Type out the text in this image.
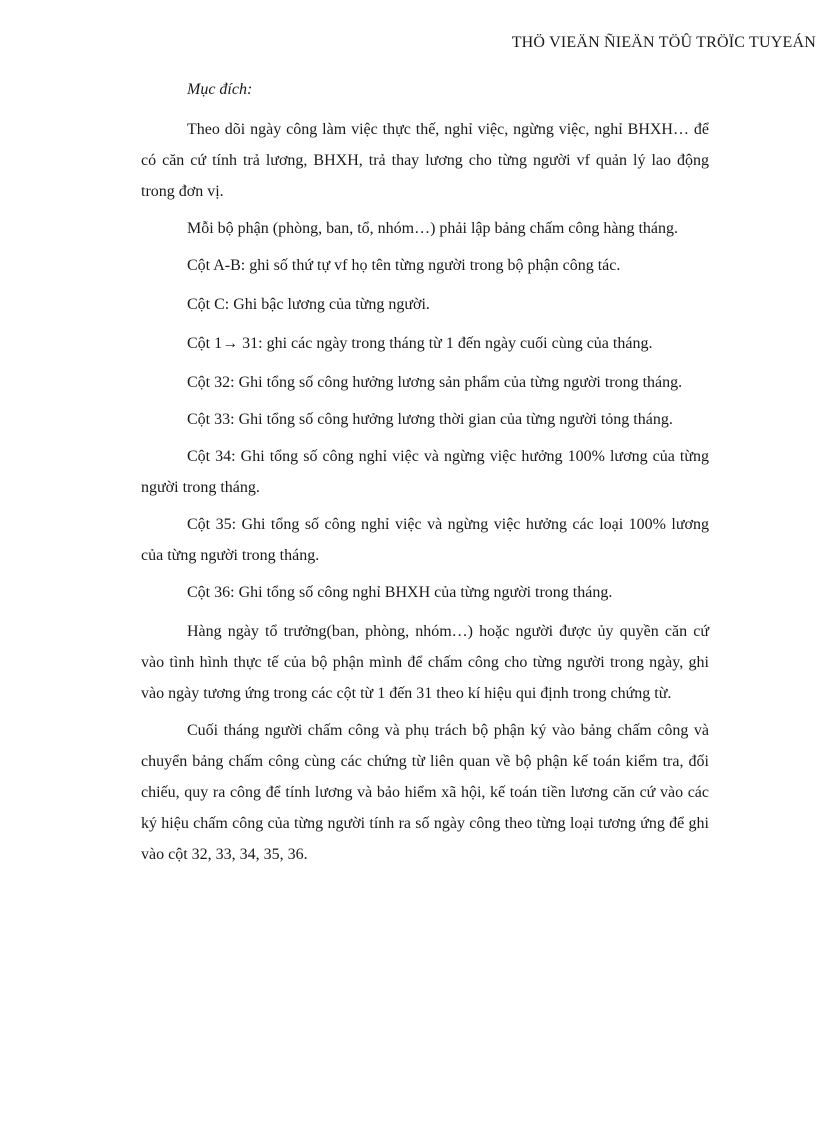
THÖ VIEÄN ÑIEÄN TÖÛ TRÖÏC TUYEÁN

Mục đích:

Theo dõi ngày công làm việc thực thế, nghỉ việc, ngừng việc, nghỉ BHXH… để có căn cứ tính trả lương, BHXH, trả thay lương cho từng người vf quản lý lao động trong đơn vị.

Mỗi bộ phận (phòng, ban, tổ, nhóm…) phải lập bảng chấm công hàng tháng.

Cột A-B: ghi số thứ tự vf họ tên từng người trong bộ phận công tác.

Cột C: Ghi bậc lương của từng người.

Cột 1→ 31: ghi các ngày trong tháng từ 1 đến ngày cuối cùng của tháng.

Cột 32: Ghi tổng số công hưởng lương sản phẩm của từng người trong tháng.

Cột 33: Ghi tổng số công hưởng lương thời gian của từng người tỏng tháng.

Cột 34: Ghi tổng số công nghỉ việc và ngừng việc hưởng 100% lương của từng người trong tháng.

Cột 35: Ghi tổng số công nghỉ việc và ngừng việc hưởng các loại 100% lương của từng người trong tháng.

Cột 36: Ghi tổng số công nghỉ BHXH của từng người trong tháng.

Hàng ngày tổ trưởng(ban, phòng, nhóm…) hoặc người được ủy quyền căn cứ vào tình hình thực tế của bộ phận mình để chấm công cho từng người trong ngày, ghi vào ngày tương ứng trong các cột từ 1 đến 31 theo kí hiệu qui định trong chứng từ.

Cuối tháng người chấm công và phụ trách bộ phận ký vào bảng chấm công và chuyển bảng chấm công cùng các chứng từ liên quan về bộ phận kế toán kiểm tra, đối chiếu, quy ra công để tính lương và bảo hiểm xã hội, kế toán tiền lương căn cứ vào các ký hiệu chấm công của từng người tính ra số ngày công theo từng loại tương ứng để ghi vào cột 32, 33, 34, 35, 36.
